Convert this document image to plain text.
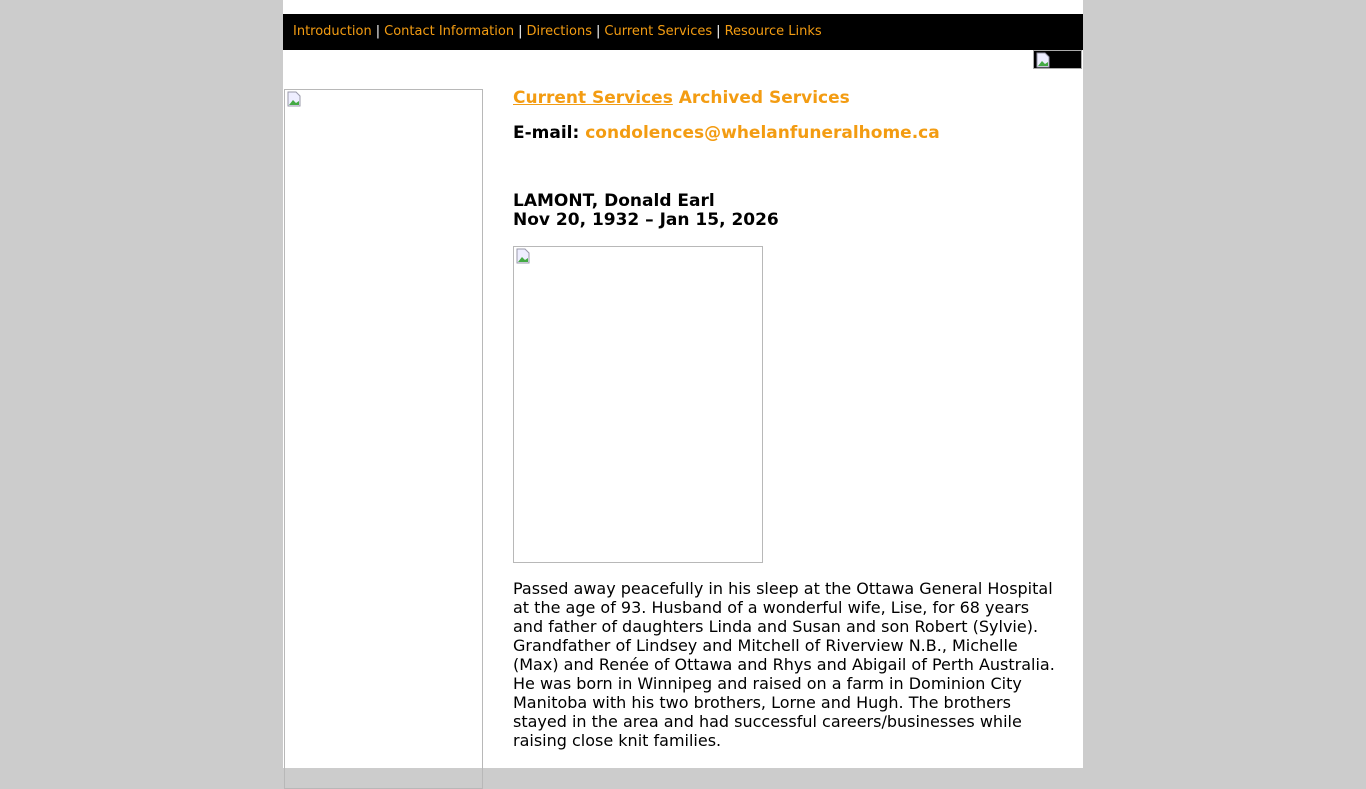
Introduction | Contact Information | Directions | Current Services | Resource Links
Current Services Archived Services
E-mail: condolences@whelanfuneralhome.ca
LAMONT, Donald Earl
Nov 20, 1932 – Jan 15, 2026

Passed away peacefully in his sleep at the Ottawa General Hospital at the age of 93. Husband of a wonderful wife, Lise, for 68 years and father of daughters Linda and Susan and son Robert (Sylvie). Grandfather of Lindsey and Mitchell of Riverview N.B., Michelle (Max) and Renée of Ottawa and Rhys and Abigail of Perth Australia.

He was born in Winnipeg and raised on a farm in Dominion City Manitoba with his two brothers, Lorne and Hugh. The brothers stayed in the area and had successful careers/businesses while raising close knit families.
